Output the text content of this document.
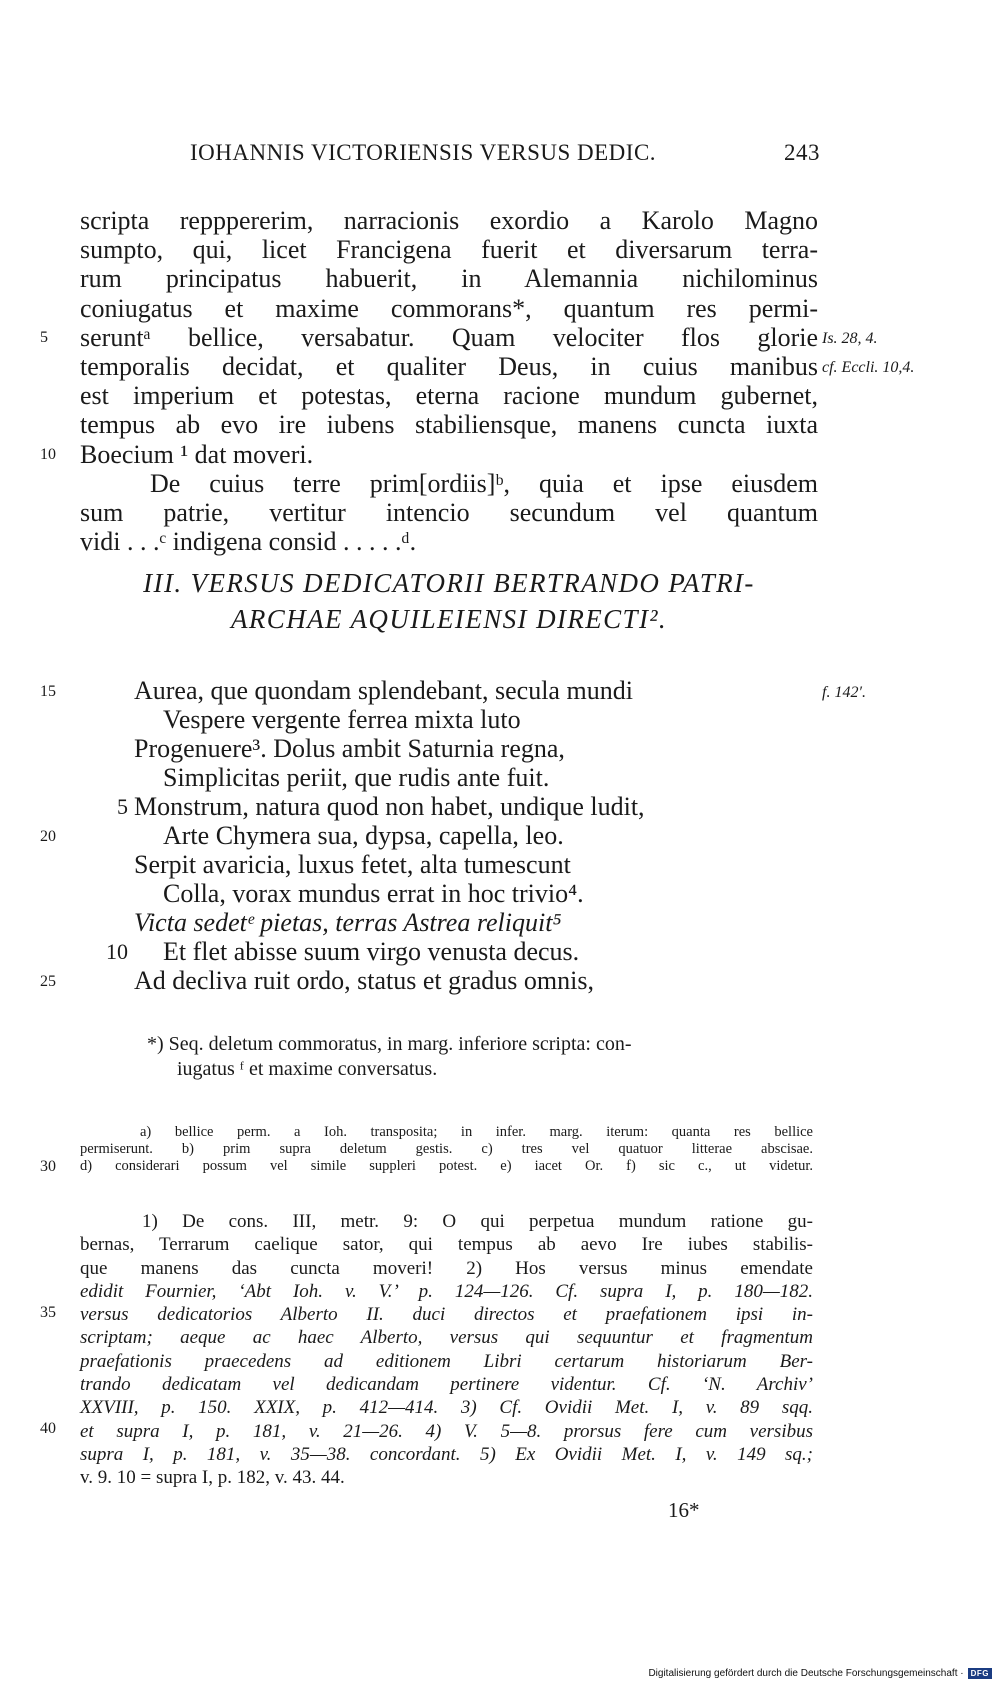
IOHANNIS VICTORIENSIS VERSUS DEDIC.	243
scripta repppererim, narracionis exordio a Karolo Magno
sumpto, qui, licet Francigena fuerit et diversarum terra-
rum principatus habuerit, in Alemannia nichilominus
coniugatus et maxime commorans*, quantum res permi-
seruntᵃ bellice, versabatur. Quam velociter flos glorie
temporalis decidat, et qualiter Deus, in cuius manibus
est imperium et potestas, eterna racione mundum gubernet,
tempus ab evo ire iubens stabiliensque, manens cuncta iuxta
Boecium ¹ dat moveri.
De cuius terre prim[ordiis]ᵇ, quia et ipse eiusdem
sum patrie, vertitur intencio secundum vel quantum
vidi . . .ᶜ indigena consid . . . . .ᵈ.
5
10
Is. 28, 4.
cf. Eccli. 10,4.
III. VERSUS DEDICATORII BERTRANDO PATRI-
ARCHAE AQUILEIENSI DIRECTI².
Aurea, que quondam splendebant, secula mundi
Vespere vergente ferrea mixta luto
Progenuere³. Dolus ambit Saturnia regna,
Simplicitas periit, que rudis ante fuit.
5 Monstrum, natura quod non habet, undique ludit,
Arte Chymera sua, dypsa, capella, leo.
Serpit avaricia, luxus fetet, alta tumescunt
Colla, vorax mundus errat in hoc trivio⁴.
Victa sedetᵉ pietas, terras Astrea reliquit⁵
10 Et flet abisse suum virgo venusta decus.
Ad decliva ruit ordo, status et gradus omnis,
15
20
25
f. 142′.
*) Seq. deletum commoratus, in marg. inferiore scripta: con-
iugatus ᶠ et maxime conversatus.
a) bellice perm. a Ioh. transposita; in infer. marg. iterum: quanta res bellice
permiserunt. b) prim supra deletum gestis. c) tres vel quatuor litterae abscisae.
d) considerari possum vel simile suppleri potest. e) iacet Or. f) sic c., ut videtur.
30
1) De cons. III, metr. 9: O qui perpetua mundum ratione gu-
bernas, Terrarum caelique sator, qui tempus ab aevo Ire iubes stabilis-
que manens das cuncta moveri! 2) Hos versus minus emendate
edidit Fournier, ‘Abt Ioh. v. V.’ p. 124—126. Cf. supra I, p. 180—182.
versus dedicatorios Alberto II. duci directos et praefationem ipsi in-
scriptam; aeque ac haec Alberto, versus qui sequuntur et fragmentum
praefationis praecedens ad editionem Libri certarum historiarum Ber-
trando dedicatam vel dedicandam pertinere videntur. Cf. ‘N. Archiv’
XXVIII, p. 150. XXIX, p. 412—414. 3) Cf. Ovidii Met. I, v. 89 sqq.
et supra I, p. 181, v. 21—26. 4) V. 5—8. prorsus fere cum versibus
supra I, p. 181, v. 35—38. concordant. 5) Ex Ovidii Met. I, v. 149 sq.;
v. 9. 10 = supra I, p. 182, v. 43. 44.
35
40
16*
Digitalisierung gefördert durch die Deutsche Forschungsgemeinschaft · DFG
